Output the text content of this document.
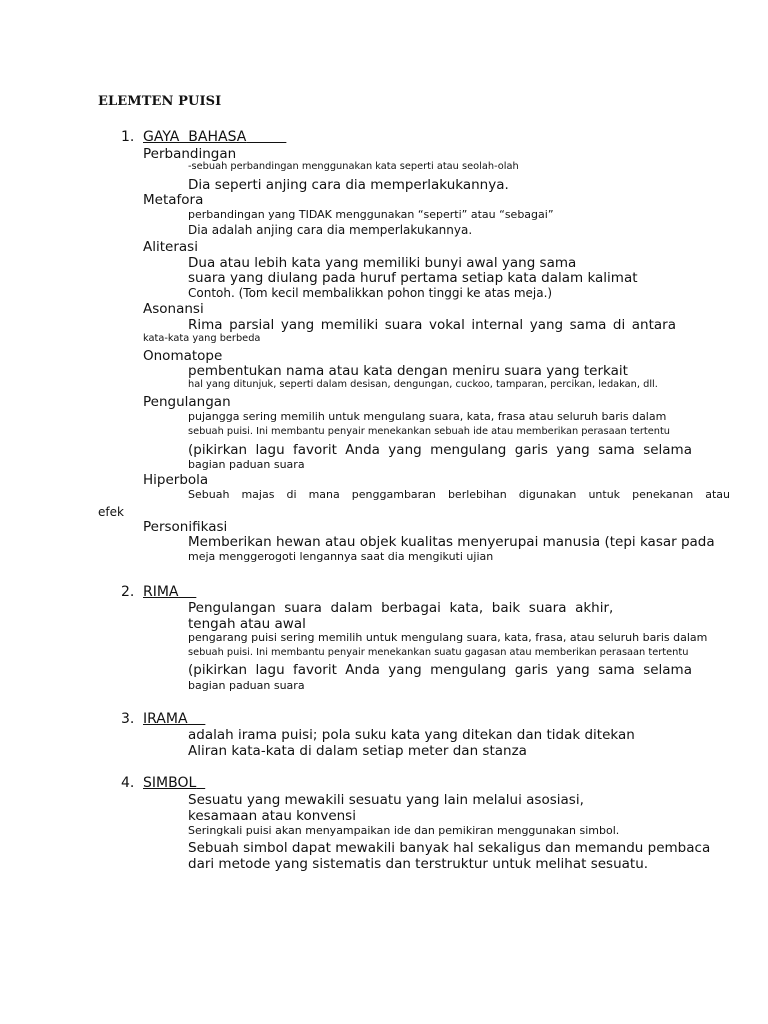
ELEMTEN PUISI
1. GAYA  BAHASA
Perbandingan
-sebuah perbandingan menggunakan kata seperti atau seolah-olah
Dia seperti anjing cara dia memperlakukannya.
Metafora
perbandingan yang TIDAK menggunakan “seperti” atau “sebagai”
Dia adalah anjing cara dia memperlakukannya.
Aliterasi
Dua atau lebih kata yang memiliki bunyi awal yang sama
suara yang diulang pada huruf pertama setiap kata dalam kalimat
Contoh. (Tom kecil membalikkan pohon tinggi ke atas meja.)
Asonansi
Rima parsial yang memiliki suara vokal internal yang sama di antara
kata-kata yang berbeda
Onomatope
pembentukan nama atau kata dengan meniru suara yang terkait
hal yang ditunjuk, seperti dalam desisan, dengungan, cuckoo, tamparan, percikan, ledakan, dll.
Pengulangan
pujangga sering memilih untuk mengulang suara, kata, frasa atau seluruh baris dalam
sebuah puisi. Ini membantu penyair menekankan sebuah ide atau memberikan perasaan tertentu
(pikirkan lagu favorit Anda yang mengulang garis yang sama selama
bagian paduan suara
Hiperbola
Sebuah majas di mana penggambaran berlebihan digunakan untuk penekanan atau
efek
Personifikasi
Memberikan hewan atau objek kualitas menyerupai manusia (tepi kasar pada
meja menggerogoti lengannya saat dia mengikuti ujian
2. RIMA
Pengulangan  suara  dalam  berbagai  kata,  baik  suara  akhir,
tengah atau awal
pengarang puisi sering memilih untuk mengulang suara, kata, frasa, atau seluruh baris dalam
sebuah puisi. Ini membantu penyair menekankan suatu gagasan atau memberikan perasaan tertentu
(pikirkan lagu favorit Anda yang mengulang garis yang sama selama
bagian paduan suara
3. IRAMA
adalah irama puisi; pola suku kata yang ditekan dan tidak ditekan
Aliran kata-kata di dalam setiap meter dan stanza
4. SIMBOL
Sesuatu yang mewakili sesuatu yang lain melalui asosiasi,
kesamaan atau konvensi
Seringkali puisi akan menyampaikan ide dan pemikiran menggunakan simbol.
Sebuah simbol dapat mewakili banyak hal sekaligus dan memandu pembaca
dari metode yang sistematis dan terstruktur untuk melihat sesuatu.
